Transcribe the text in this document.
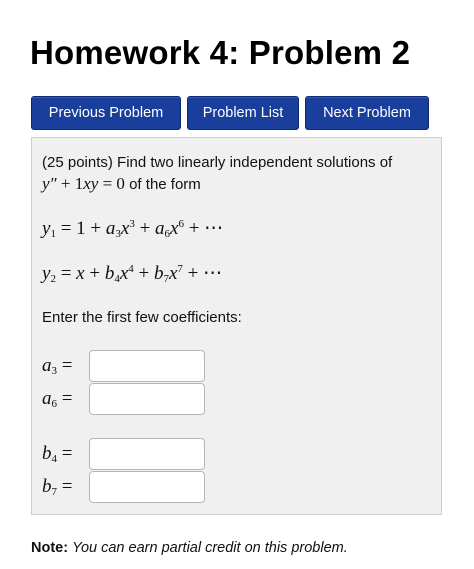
Homework 4: Problem 2
Previous Problem	Problem List	Next Problem
(25 points) Find two linearly independent solutions of
y″ + 1xy = 0 of the form
$y_1 = 1 + a_3x^3 + a_6x^6$ + ⋯
$y_2 = x + b_4x^4 + b_7x^7$ + ⋯
Enter the first few coefficients:
$a_3$ =
$a_6$ =
$b_4$ =
$b_7$ =
Note: You can earn partial credit on this problem.
